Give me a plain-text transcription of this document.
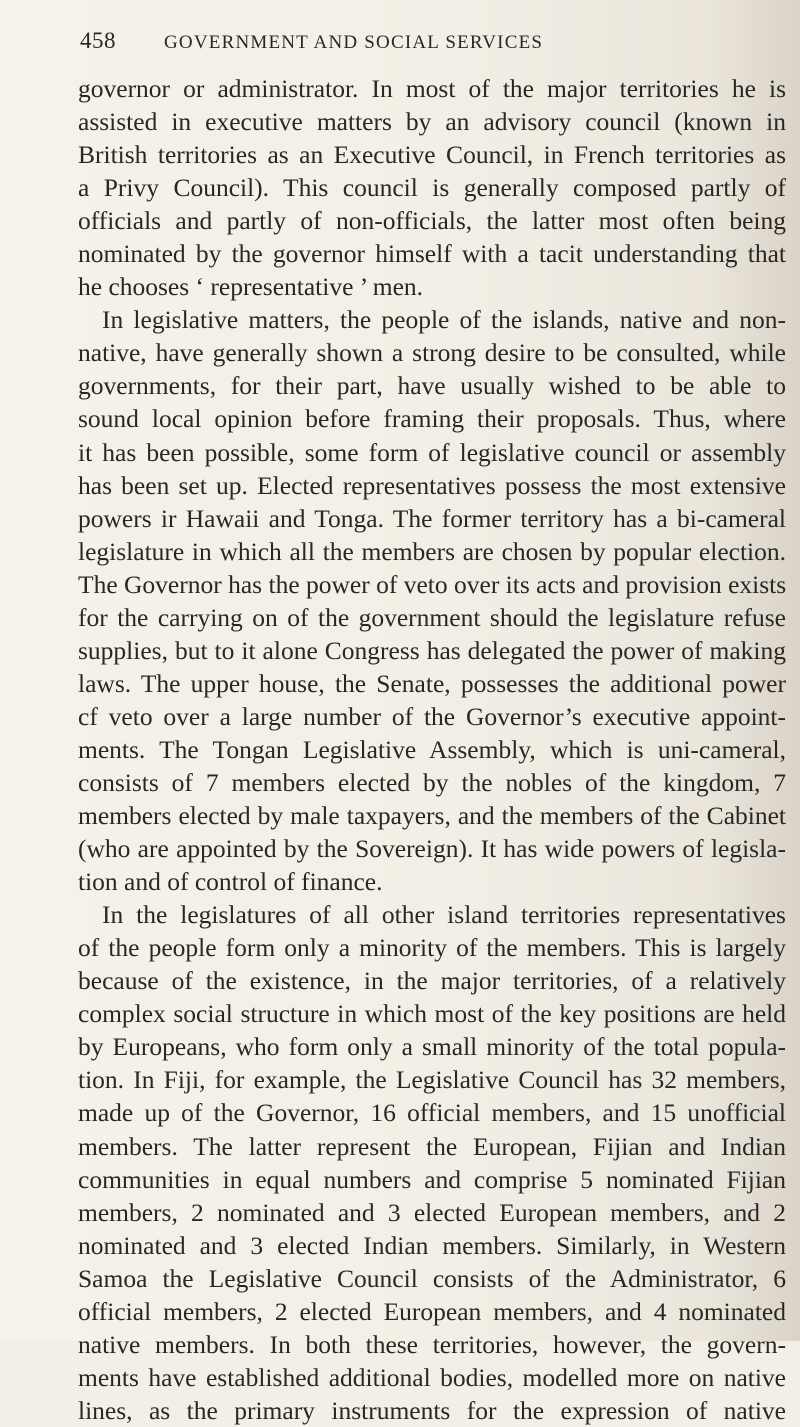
458	GOVERNMENT AND SOCIAL SERVICES
governor or administrator. In most of the major territories he is
assisted in executive matters by an advisory council (known in
British territories as an Executive Council, in French territories as
a Privy Council). This council is generally composed partly of
officials and partly of non-officials, the latter most often being
nominated by the governor himself with a tacit understanding that
he chooses ‘ representative ’ men.
In legislative matters, the people of the islands, native and non-
native, have generally shown a strong desire to be consulted, while
governments, for their part, have usually wished to be able to
sound local opinion before framing their proposals. Thus, where
it has been possible, some form of legislative council or assembly
has been set up. Elected representatives possess the most extensive
powers ir Hawaii and Tonga. The former territory has a bi-cameral
legislature in which all the members are chosen by popular election.
The Governor has the power of veto over its acts and provision exists
for the carrying on of the government should the legislature refuse
supplies, but to it alone Congress has delegated the power of making
laws. The upper house, the Senate, possesses the additional power
cf veto over a large number of the Governor’s executive appoint-
ments. The Tongan Legislative Assembly, which is uni-cameral,
consists of 7 members elected by the nobles of the kingdom, 7
members elected by male taxpayers, and the members of the Cabinet
(who are appointed by the Sovereign). It has wide powers of legisla-
tion and of control of finance.
In the legislatures of all other island territories representatives
of the people form only a minority of the members. This is largely
because of the existence, in the major territories, of a relatively
complex social structure in which most of the key positions are held
by Europeans, who form only a small minority of the total popula-
tion. In Fiji, for example, the Legislative Council has 32 members,
made up of the Governor, 16 official members, and 15 unofficial
members. The latter represent the European, Fijian and Indian
communities in equal numbers and comprise 5 nominated Fijian
members, 2 nominated and 3 elected European members, and 2
nominated and 3 elected Indian members. Similarly, in Western
Samoa the Legislative Council consists of the Administrator, 6
official members, 2 elected European members, and 4 nominated
native members. In both these territories, however, the govern-
ments have established additional bodies, modelled more on native
lines, as the primary instruments for the expression of native
